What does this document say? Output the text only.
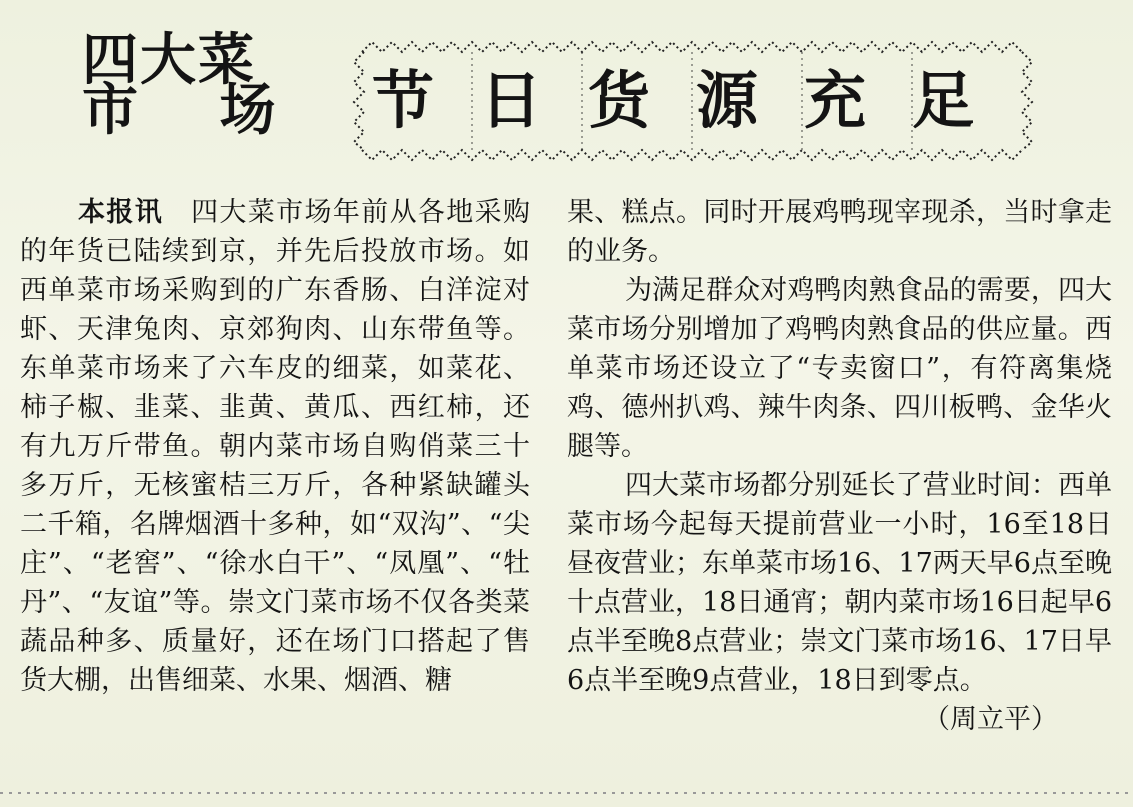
四大菜
市 场	节日货源充足

本报讯 四大菜市场年前从各地采购的年货已陆续到京，并先后投放市场。如西单菜市场采购到的广东香肠、白洋淀对虾、天津兔肉、京郊狗肉、山东带鱼等。东单菜市场来了六车皮的细菜，如菜花、柿子椒、韭菜、韭黄、黄瓜、西红柿，还有九万斤带鱼。朝内菜市场自购俏菜三十多万斤，无核蜜桔三万斤，各种紧缺罐头二千箱，名牌烟酒十多种，如“双沟”、“尖庄”、“老窖”、“徐水白干”、“凤凰”、“牡丹”、“友谊”等。崇文门菜市场不仅各类菜蔬品种多、质量好，还在场门口搭起了售货大棚，出售细菜、水果、烟酒、糖

果、糕点。同时开展鸡鸭现宰现杀，当时拿走的业务。

为满足群众对鸡鸭肉熟食品的需要，四大菜市场分别增加了鸡鸭肉熟食品的供应量。西单菜市场还设立了“专卖窗口”，有符离集烧鸡、德州扒鸡、辣牛肉条、四川板鸭、金华火腿等。

四大菜市场都分别延长了营业时间：西单菜市场今起每天提前营业一小时，16至18日昼夜营业；东单菜市场16、17两天早6点至晚十点营业，18日通宵；朝内菜市场16日起早6点半至晚8点营业；崇文门菜市场16、17日早6点半至晚9点营业，18日到零点。

（周立平）
